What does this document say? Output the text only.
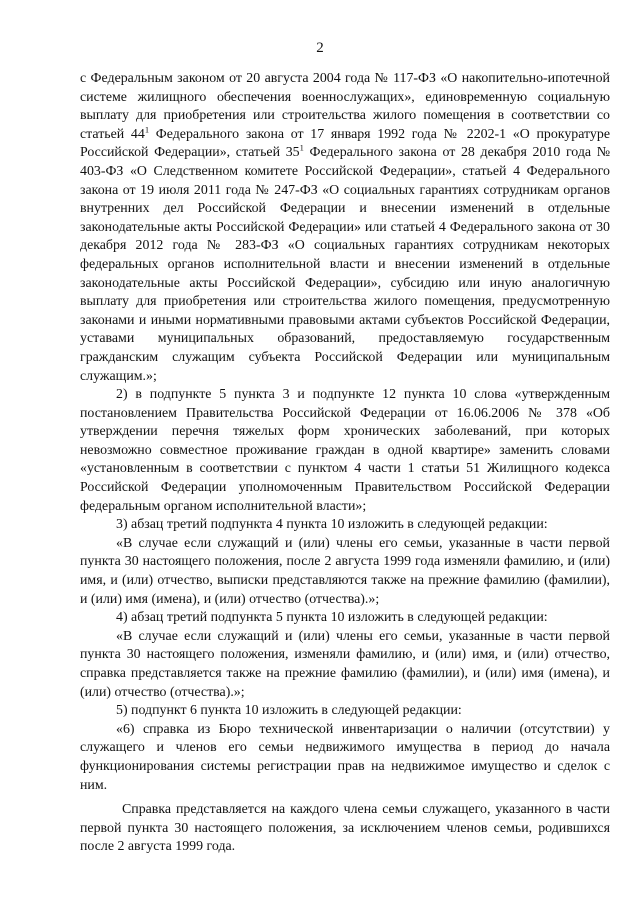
2

с Федеральным законом от 20 августа 2004 года № 117-ФЗ «О накопительно-ипотечной системе жилищного обеспечения военнослужащих», единовременную социальную выплату для приобретения или строительства жилого помещения в соответствии со статьей $44^1$ Федерального закона от 17 января 1992 года № 2202-1 «О прокуратуре Российской Федерации», статьей $35^1$ Федерального закона от 28 декабря 2010 года № 403-ФЗ «О Следственном комитете Российской Федерации», статьей 4 Федерального закона от 19 июля 2011 года № 247-ФЗ «О социальных гарантиях сотрудникам органов внутренних дел Российской Федерации и внесении изменений в отдельные законодательные акты Российской Федерации» или статьей 4 Федерального закона от 30 декабря 2012 года № 283-ФЗ «О социальных гарантиях сотрудникам некоторых федеральных органов исполнительной власти и внесении изменений в отдельные законодательные акты Российской Федерации», субсидию или иную аналогичную выплату для приобретения или строительства жилого помещения, предусмотренную законами и иными нормативными правовыми актами субъектов Российской Федерации, уставами муниципальных образований, предоставляемую государственным гражданским служащим субъекта Российской Федерации или муниципальным служащим.»;

2) в подпункте 5 пункта 3 и подпункте 12 пункта 10 слова «утвержденным постановлением Правительства Российской Федерации от 16.06.2006 № 378 «Об утверждении перечня тяжелых форм хронических заболеваний, при которых невозможно совместное проживание граждан в одной квартире» заменить словами «установленным в соответствии с пунктом 4 части 1 статьи 51 Жилищного кодекса Российской Федерации уполномоченным Правительством Российской Федерации федеральным органом исполнительной власти»;

3) абзац третий подпункта 4 пункта 10 изложить в следующей редакции:

«В случае если служащий и (или) члены его семьи, указанные в части первой пункта 30 настоящего положения, после 2 августа 1999 года изменяли фамилию, и (или) имя, и (или) отчество, выписки представляются также на прежние фамилию (фамилии), и (или) имя (имена), и (или) отчество (отчества).»;

4) абзац третий подпункта 5 пункта 10 изложить в следующей редакции:

«В случае если служащий и (или) члены его семьи, указанные в части первой пункта 30 настоящего положения, изменяли фамилию, и (или) имя, и (или) отчество, справка представляется также на прежние фамилию (фамилии), и (или) имя (имена), и (или) отчество (отчества).»;

5) подпункт 6 пункта 10 изложить в следующей редакции:

«6) справка из Бюро технической инвентаризации о наличии (отсутствии) у служащего и членов его семьи недвижимого имущества в период до начала функционирования системы регистрации прав на недвижимое имущество и сделок с ним.

Справка представляется на каждого члена семьи служащего, указанного в части первой пункта 30 настоящего положения, за исключением членов семьи, родившихся после 2 августа 1999 года.
